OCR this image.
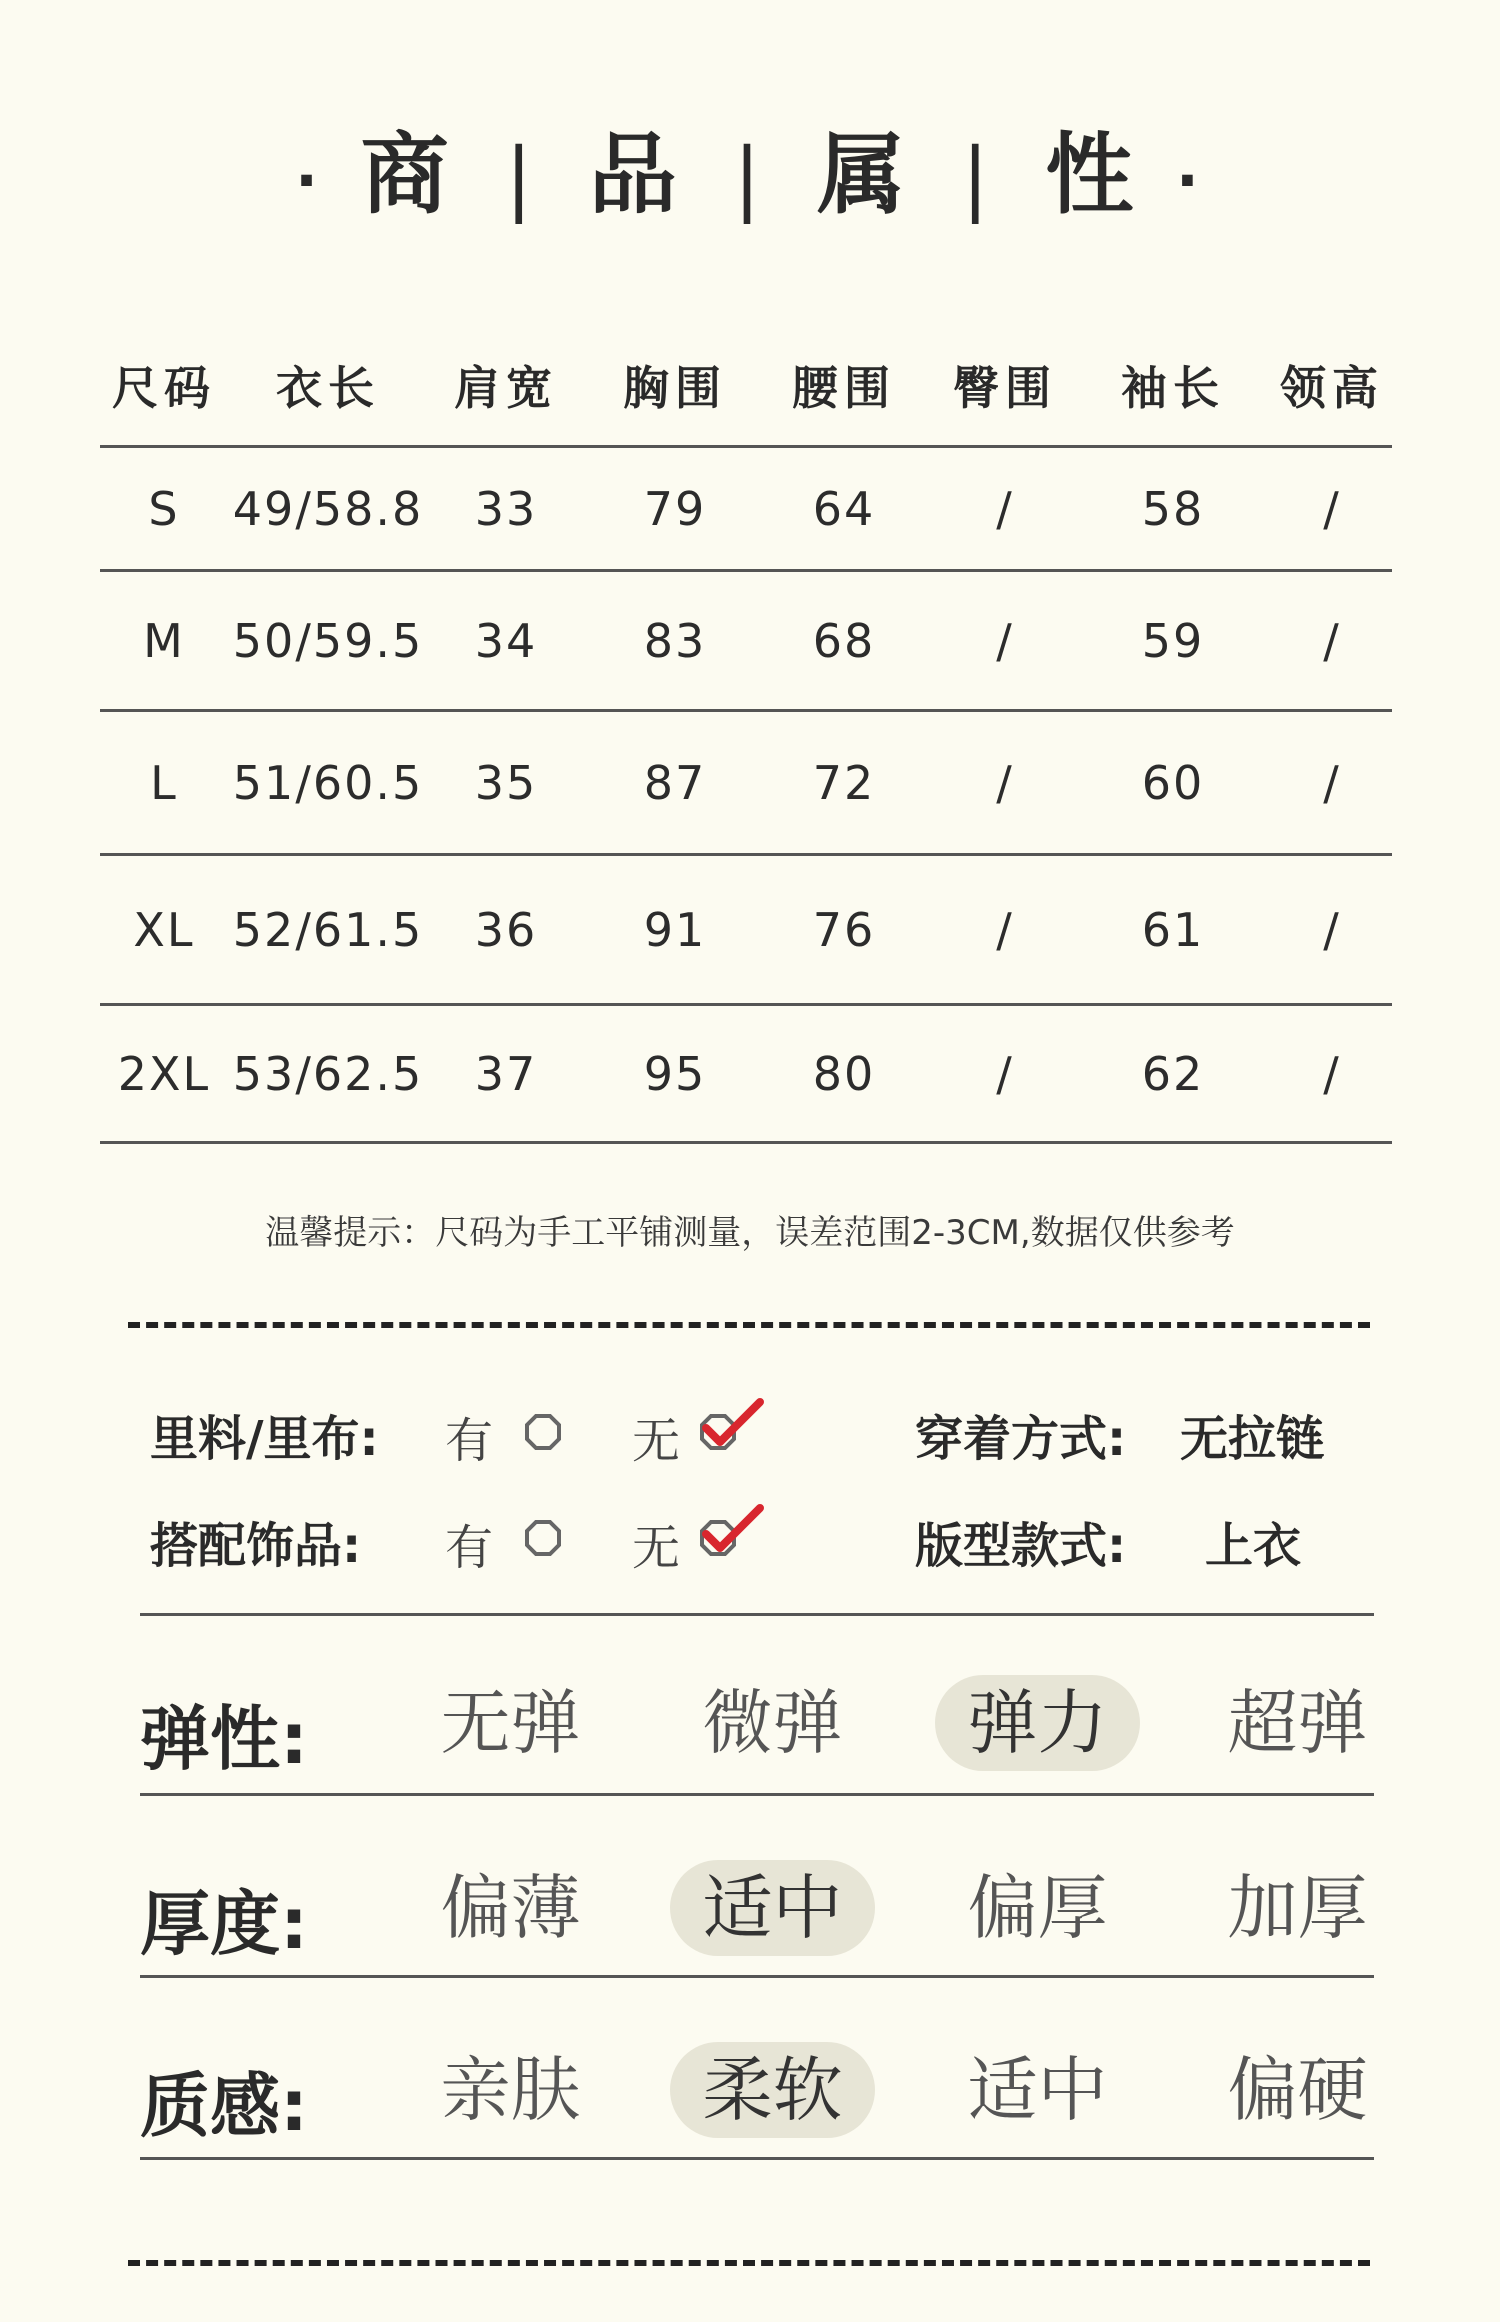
· 商 | 品 | 属 | 性 ·
尺码	衣长	肩宽	胸围	腰围	臀围	袖长	领高
S	49/58.8	33	79	64	/	58	/
M	50/59.5	34	83	68	/	59	/
L	51/60.5	35	87	72	/	60	/
XL 52/61.5	36	91	76	/	61	/
2XL 53/62.5	37	95	80	/	62	/
温馨提示：尺码为手工平铺测量，误差范围2-3CM,数据仅供参考
里料/里布: 有	无	穿着方式: 无拉链
搭配饰品: 有	无	版型款式: 上衣
弹性:	无弹	微弹	弹力	超弹
厚度:	偏薄	适中	偏厚	加厚
质感:	亲肤	柔软	适中	偏硬
